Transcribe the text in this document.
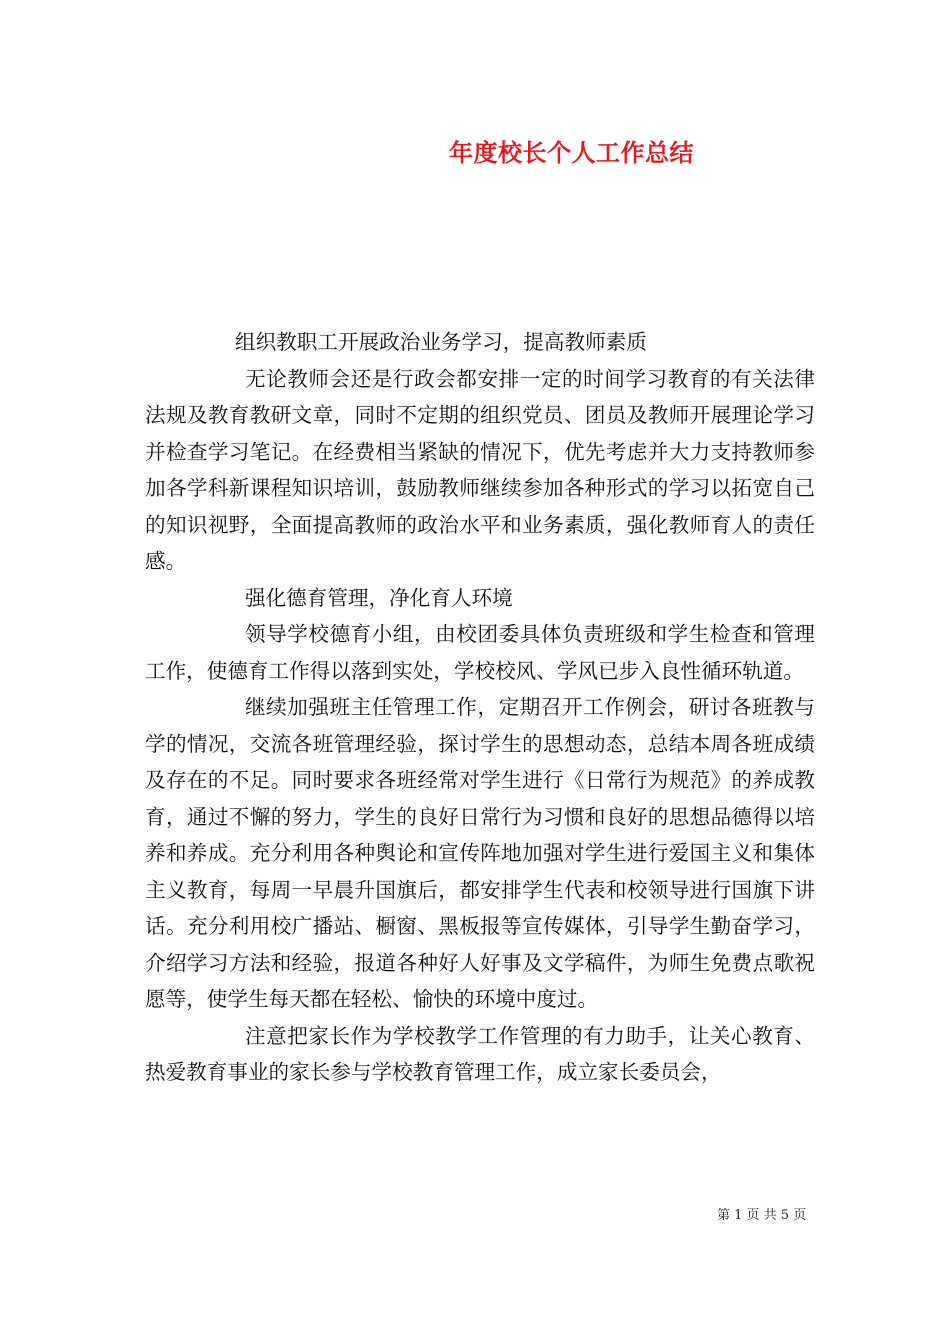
年度校长个人工作总结

组织教职工开展政治业务学习，提高教师素质

无论教师会还是行政会都安排一定的时间学习教育的有关法律法规及教育教研文章，同时不定期的组织党员、团员及教师开展理论学习并检查学习笔记。在经费相当紧缺的情况下，优先考虑并大力支持教师参加各学科新课程知识培训，鼓励教师继续参加各种形式的学习以拓宽自己的知识视野，全面提高教师的政治水平和业务素质，强化教师育人的责任感。

强化德育管理，净化育人环境

领导学校德育小组，由校团委具体负责班级和学生检查和管理工作，使德育工作得以落到实处，学校校风、学风已步入良性循环轨道。

继续加强班主任管理工作，定期召开工作例会，研讨各班教与学的情况，交流各班管理经验，探讨学生的思想动态，总结本周各班成绩及存在的不足。同时要求各班经常对学生进行《日常行为规范》的养成教育，通过不懈的努力，学生的良好日常行为习惯和良好的思想品德得以培养和养成。充分利用各种舆论和宣传阵地加强对学生进行爱国主义和集体主义教育，每周一早晨升国旗后，都安排学生代表和校领导进行国旗下讲话。充分利用校广播站、橱窗、黑板报等宣传媒体，引导学生勤奋学习，介绍学习方法和经验，报道各种好人好事及文学稿件，为师生免费点歌祝愿等，使学生每天都在轻松、愉快的环境中度过。

注意把家长作为学校教学工作管理的有力助手，让关心教育、热爱教育事业的家长参与学校教育管理工作，成立家长委员会，

第 1 页 共 5 页
